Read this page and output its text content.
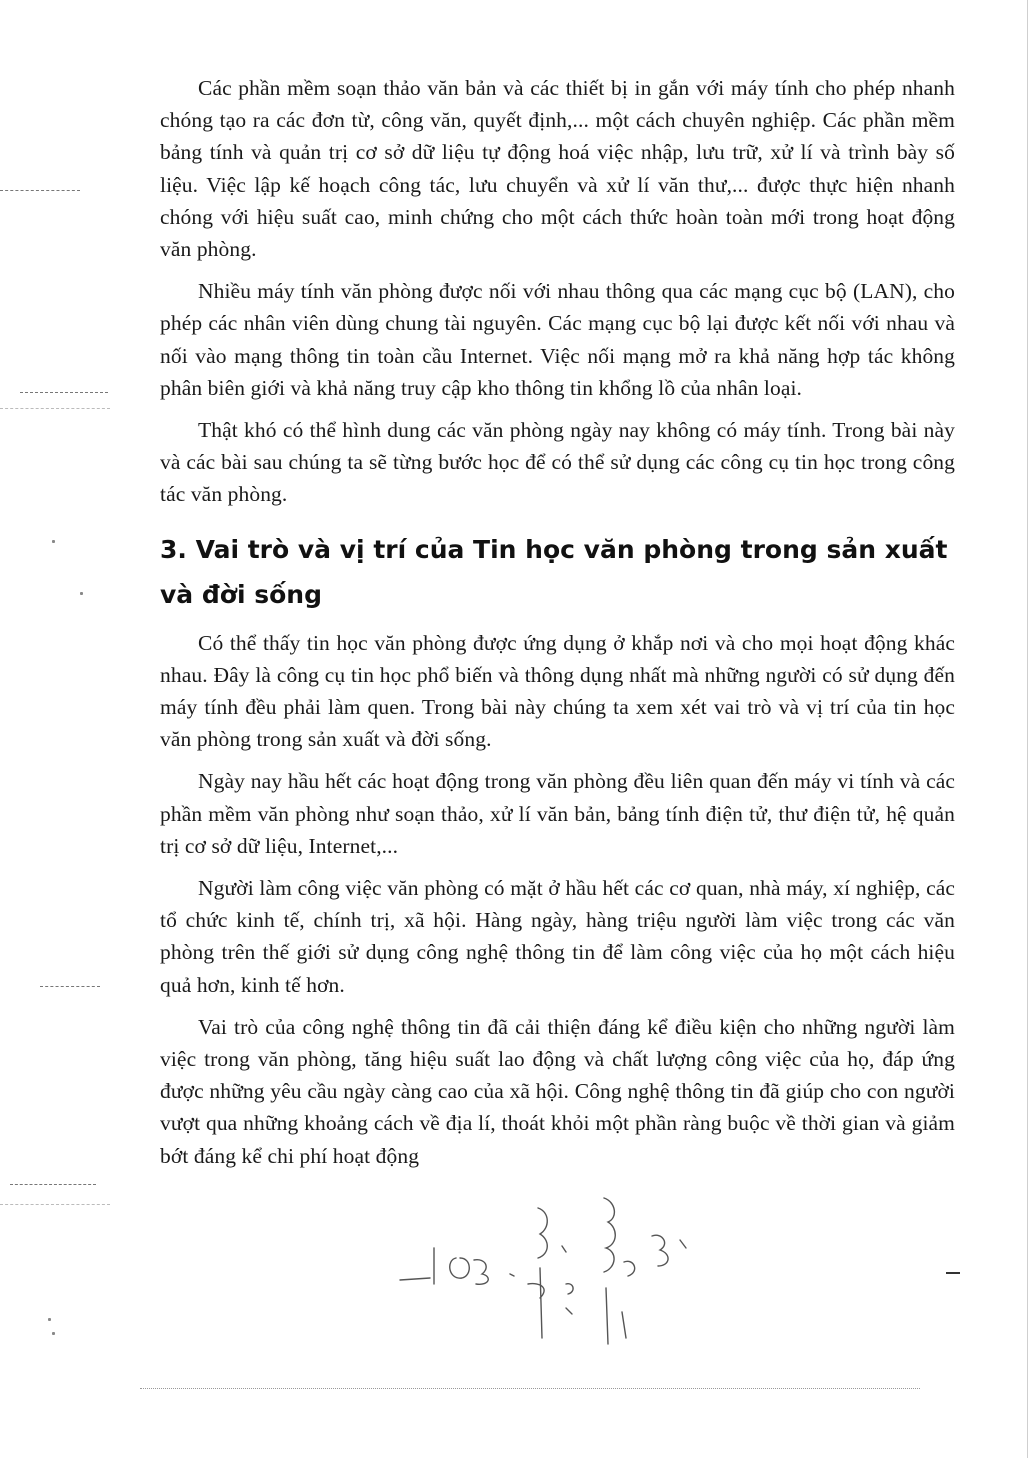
Các phần mềm soạn thảo văn bản và các thiết bị in gắn với máy tính cho phép nhanh chóng tạo ra các đơn từ, công văn, quyết định,... một cách chuyên nghiệp. Các phần mềm bảng tính và quản trị cơ sở dữ liệu tự động hoá việc nhập, lưu trữ, xử lí và trình bày số liệu. Việc lập kế hoạch công tác, lưu chuyển và xử lí văn thư,... được thực hiện nhanh chóng với hiệu suất cao, minh chứng cho một cách thức hoàn toàn mới trong hoạt động văn phòng.

Nhiều máy tính văn phòng được nối với nhau thông qua các mạng cục bộ (LAN), cho phép các nhân viên dùng chung tài nguyên. Các mạng cục bộ lại được kết nối với nhau và nối vào mạng thông tin toàn cầu Internet. Việc nối mạng mở ra khả năng hợp tác không phân biên giới và khả năng truy cập kho thông tin khổng lồ của nhân loại.

Thật khó có thể hình dung các văn phòng ngày nay không có máy tính. Trong bài này và các bài sau chúng ta sẽ từng bước học để có thể sử dụng các công cụ tin học trong công tác văn phòng.

3. Vai trò và vị trí của Tin học văn phòng trong sản xuất và đời sống

Có thể thấy tin học văn phòng được ứng dụng ở khắp nơi và cho mọi hoạt động khác nhau. Đây là công cụ tin học phổ biến và thông dụng nhất mà những người có sử dụng đến máy tính đều phải làm quen. Trong bài này chúng ta xem xét vai trò và vị trí của tin học văn phòng trong sản xuất và đời sống.

Ngày nay hầu hết các hoạt động trong văn phòng đều liên quan đến máy vi tính và các phần mềm văn phòng như soạn thảo, xử lí văn bản, bảng tính điện tử, thư điện tử, hệ quản trị cơ sở dữ liệu, Internet,...

Người làm công việc văn phòng có mặt ở hầu hết các cơ quan, nhà máy, xí nghiệp, các tổ chức kinh tế, chính trị, xã hội. Hàng ngày, hàng triệu người làm việc trong các văn phòng trên thế giới sử dụng công nghệ thông tin để làm công việc của họ một cách hiệu quả hơn, kinh tế hơn.

Vai trò của công nghệ thông tin đã cải thiện đáng kể điều kiện cho những người làm việc trong văn phòng, tăng hiệu suất lao động và chất lượng công việc của họ, đáp ứng được những yêu cầu ngày càng cao của xã hội. Công nghệ thông tin đã giúp cho con người vượt qua những khoảng cách về địa lí, thoát khỏi một phần ràng buộc về thời gian và giảm bớt đáng kể chi phí hoạt động
